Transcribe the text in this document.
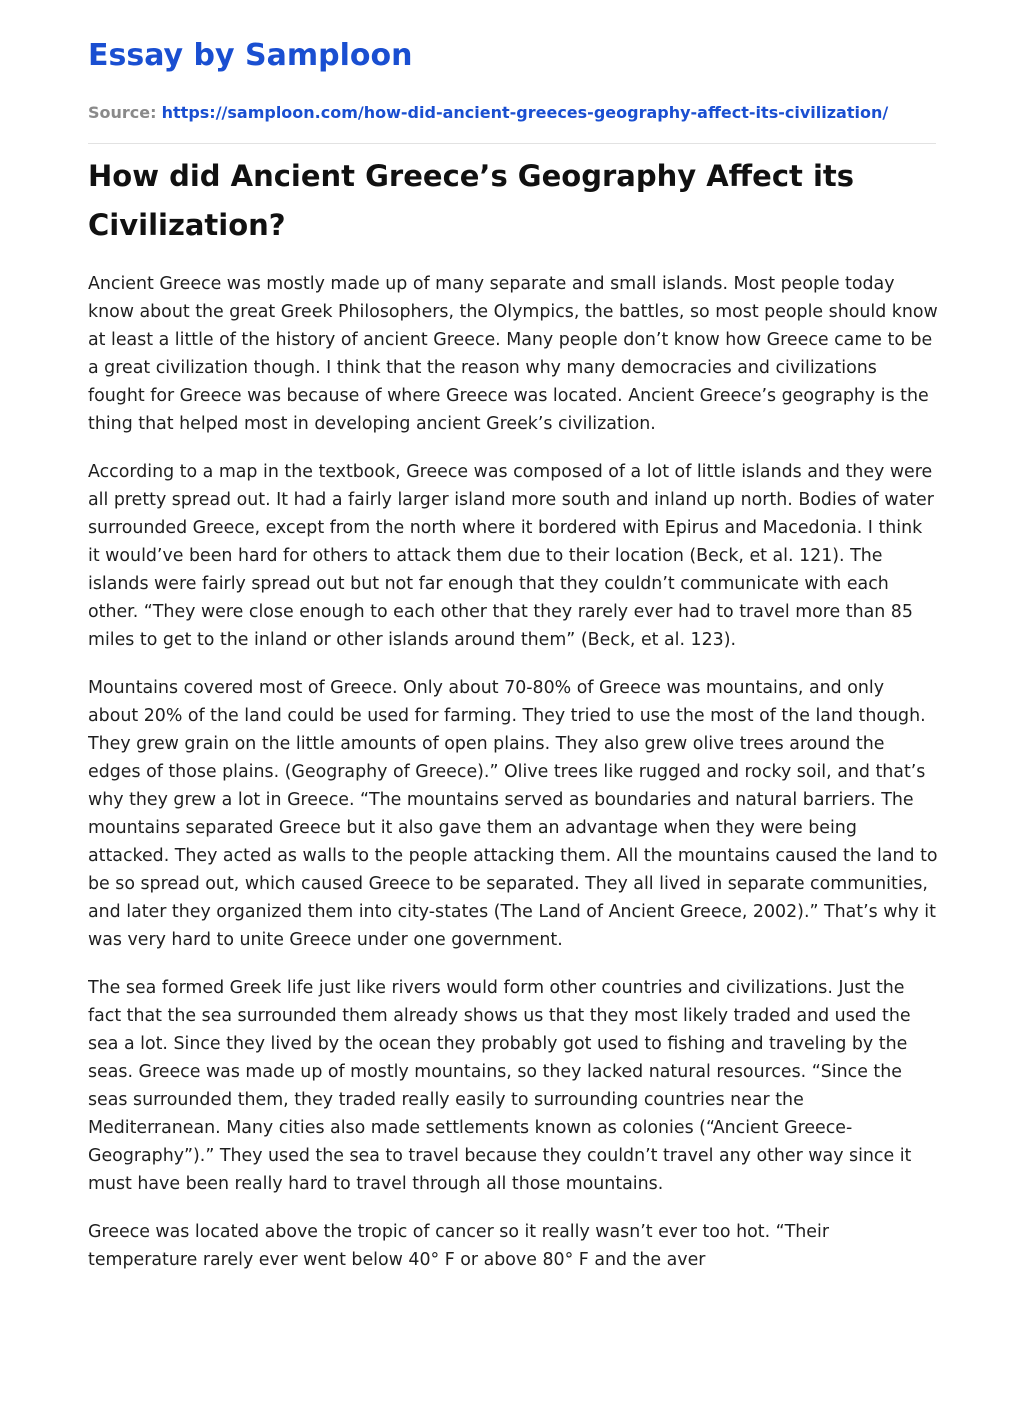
Essay by Samploon
Source: https://samploon.com/how-did-ancient-greeces-geography-affect-its-civilization/
How did Ancient Greece’s Geography Affect its Civilization?

Ancient Greece was mostly made up of many separate and small islands. Most people today know about the great Greek Philosophers, the Olympics, the battles, so most people should know at least a little of the history of ancient Greece. Many people don’t know how Greece came to be a great civilization though. I think that the reason why many democracies and civilizations fought for Greece was because of where Greece was located. Ancient Greece’s geography is the thing that helped most in developing ancient Greek’s civilization.

According to a map in the textbook, Greece was composed of a lot of little islands and they were all pretty spread out. It had a fairly larger island more south and inland up north. Bodies of water surrounded Greece, except from the north where it bordered with Epirus and Macedonia. I think it would’ve been hard for others to attack them due to their location (Beck, et al. 121). The islands were fairly spread out but not far enough that they couldn’t communicate with each other. “They were close enough to each other that they rarely ever had to travel more than 85 miles to get to the inland or other islands around them” (Beck, et al. 123).

Mountains covered most of Greece. Only about 70-80% of Greece was mountains, and only about 20% of the land could be used for farming. They tried to use the most of the land though. They grew grain on the little amounts of open plains. They also grew olive trees around the edges of those plains. (Geography of Greece).” Olive trees like rugged and rocky soil, and that’s why they grew a lot in Greece. “The mountains served as boundaries and natural barriers. The mountains separated Greece but it also gave them an advantage when they were being attacked. They acted as walls to the people attacking them. All the mountains caused the land to be so spread out, which caused Greece to be separated. They all lived in separate communities, and later they organized them into city-states (The Land of Ancient Greece, 2002).” That’s why it was very hard to unite Greece under one government.

The sea formed Greek life just like rivers would form other countries and civilizations. Just the fact that the sea surrounded them already shows us that they most likely traded and used the sea a lot. Since they lived by the ocean they probably got used to fishing and traveling by the seas. Greece was made up of mostly mountains, so they lacked natural resources. “Since the seas surrounded them, they traded really easily to surrounding countries near the Mediterranean. Many cities also made settlements known as colonies (“Ancient Greece-Geography”).” They used the sea to travel because they couldn’t travel any other way since it must have been really hard to travel through all those mountains.

Greece was located above the tropic of cancer so it really wasn’t ever too hot. “Their temperature rarely ever went below 40° F or above 80° F and the aver
